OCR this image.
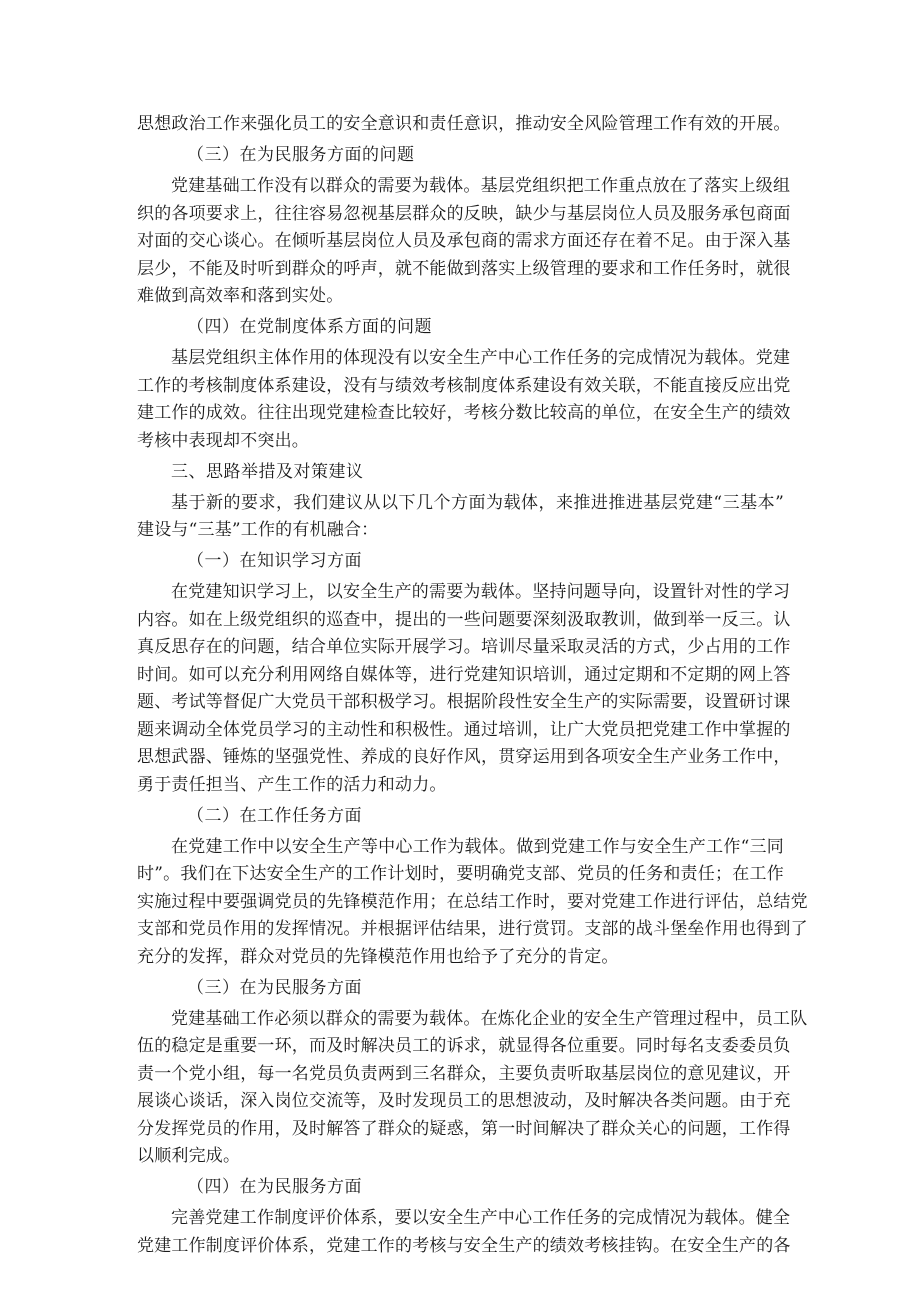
思想政治工作来强化员工的安全意识和责任意识，推动安全风险管理工作有效的开展。
（三）在为民服务方面的问题
党建基础工作没有以群众的需要为载体。基层党组织把工作重点放在了落实上级组
织的各项要求上，往往容易忽视基层群众的反映，缺少与基层岗位人员及服务承包商面
对面的交心谈心。在倾听基层岗位人员及承包商的需求方面还存在着不足。由于深入基
层少，不能及时听到群众的呼声，就不能做到落实上级管理的要求和工作任务时，就很
难做到高效率和落到实处。
（四）在党制度体系方面的问题
基层党组织主体作用的体现没有以安全生产中心工作任务的完成情况为载体。党建
工作的考核制度体系建设，没有与绩效考核制度体系建设有效关联，不能直接反应出党
建工作的成效。往往出现党建检查比较好，考核分数比较高的单位，在安全生产的绩效
考核中表现却不突出。
三、思路举措及对策建议
基于新的要求，我们建议从以下几个方面为载体，来推进推进基层党建“三基本”
建设与“三基”工作的有机融合：
（一）在知识学习方面
在党建知识学习上，以安全生产的需要为载体。坚持问题导向，设置针对性的学习
内容。如在上级党组织的巡查中，提出的一些问题要深刻汲取教训，做到举一反三。认
真反思存在的问题，结合单位实际开展学习。培训尽量采取灵活的方式，少占用的工作
时间。如可以充分利用网络自媒体等，进行党建知识培训，通过定期和不定期的网上答
题、考试等督促广大党员干部积极学习。根据阶段性安全生产的实际需要，设置研讨课
题来调动全体党员学习的主动性和积极性。通过培训，让广大党员把党建工作中掌握的
思想武器、锤炼的坚强党性、养成的良好作风，贯穿运用到各项安全生产业务工作中，
勇于责任担当、产生工作的活力和动力。
（二）在工作任务方面
在党建工作中以安全生产等中心工作为载体。做到党建工作与安全生产工作“三同
时”。我们在下达安全生产的工作计划时，要明确党支部、党员的任务和责任；在工作
实施过程中要强调党员的先锋模范作用；在总结工作时，要对党建工作进行评估，总结党
支部和党员作用的发挥情况。并根据评估结果，进行赏罚。支部的战斗堡垒作用也得到了
充分的发挥，群众对党员的先锋模范作用也给予了充分的肯定。
（三）在为民服务方面
党建基础工作必须以群众的需要为载体。在炼化企业的安全生产管理过程中，员工队
伍的稳定是重要一环，而及时解决员工的诉求，就显得各位重要。同时每名支委委员负
责一个党小组，每一名党员负责两到三名群众，主要负责听取基层岗位的意见建议，开
展谈心谈话，深入岗位交流等，及时发现员工的思想波动，及时解决各类问题。由于充
分发挥党员的作用，及时解答了群众的疑惑，第一时间解决了群众关心的问题，工作得
以顺利完成。
（四）在为民服务方面
完善党建工作制度评价体系，要以安全生产中心工作任务的完成情况为载体。健全
党建工作制度评价体系，党建工作的考核与安全生产的绩效考核挂钩。在安全生产的各
